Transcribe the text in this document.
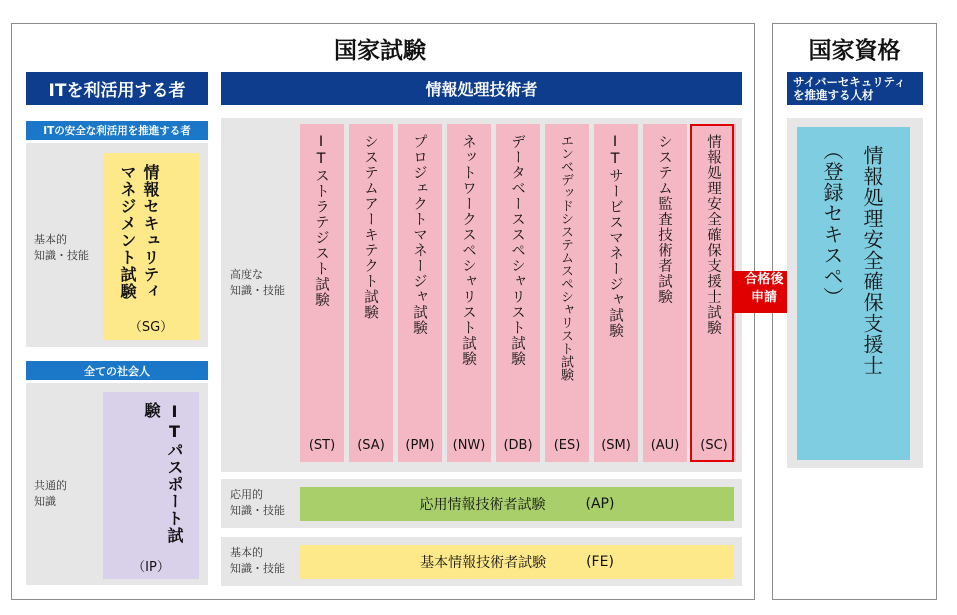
国家試験	国家資格
ITを利活用する者	情報処理技術者	サイバーセキュリティ
を推進する人材
ITの安全な利活用を推進する者
基本的
知識・技能	情報セキュリティマネジメント試験
（SG）
全ての社会人
共通的
知識	ITパスポート試験
（IP）
高度な
知識・技能 ITストラテジスト試験
(ST)
システムアーキテクト試験
(SA)
プロジェクトマネージャ試験
(PM)
ネットワークスペシャリスト試験
(NW)
データベーススペシャリスト試験
(DB)
エンベデッドシステムスペシャリスト試験
(ES)
ITサービスマネージャ試験
(SM)
システム監査技術者試験
(AU)
情報処理安全確保支援士試験
(SC)
合格後
申請
応用的
知識・技能	応用情報技術者試験	(AP)
基本的
知識・技能	基本情報技術者試験	(FE)
情報処理安全確保支援士
（登録セキスペ）
